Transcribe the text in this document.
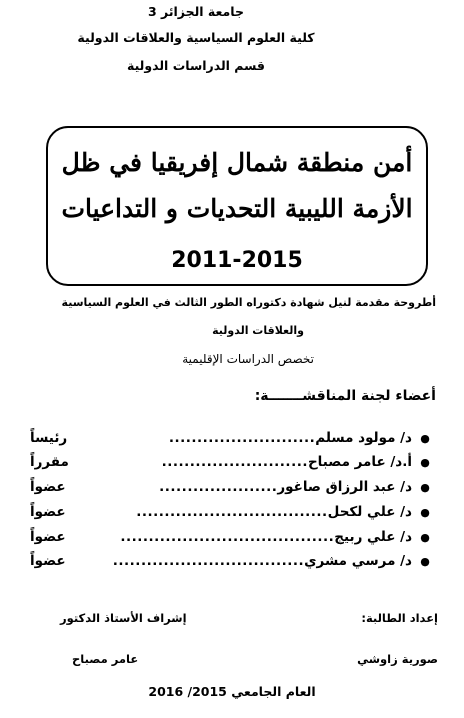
جامعة الجزائر 3
كلية العلوم السياسية والعلاقات الدولية
قسم الدراسات الدولية
أمن منطقة شمال إفريقيا في ظل
الأزمة الليبية التحديات و التداعيات
2011-2015
أطروحة مقدمة لنيل شهادة دكتوراه الطور الثالث في العلوم السياسية
والعلاقات الدولية
تخصص الدراسات الإقليمية
أعضاء لجنة المناقشـــــــة:
●
د/ مولود مسلم
..........................
رئيساً
●
أ.د/ عامر مصباح
..........................
مقرراً
●
د/ عبد الرزاق صاغور
.....................
عضواً
●
د/ علي لكحل
..................................
عضواً
●
د/ علي ربيج
......................................
عضواً
●
د/ مرسي مشري
..................................
عضواً
إعداد الطالبة:
إشراف الأستاذ الدكتور
صورية زاوشي
عامر مصباح
العام الجامعي 2015/ 2016
